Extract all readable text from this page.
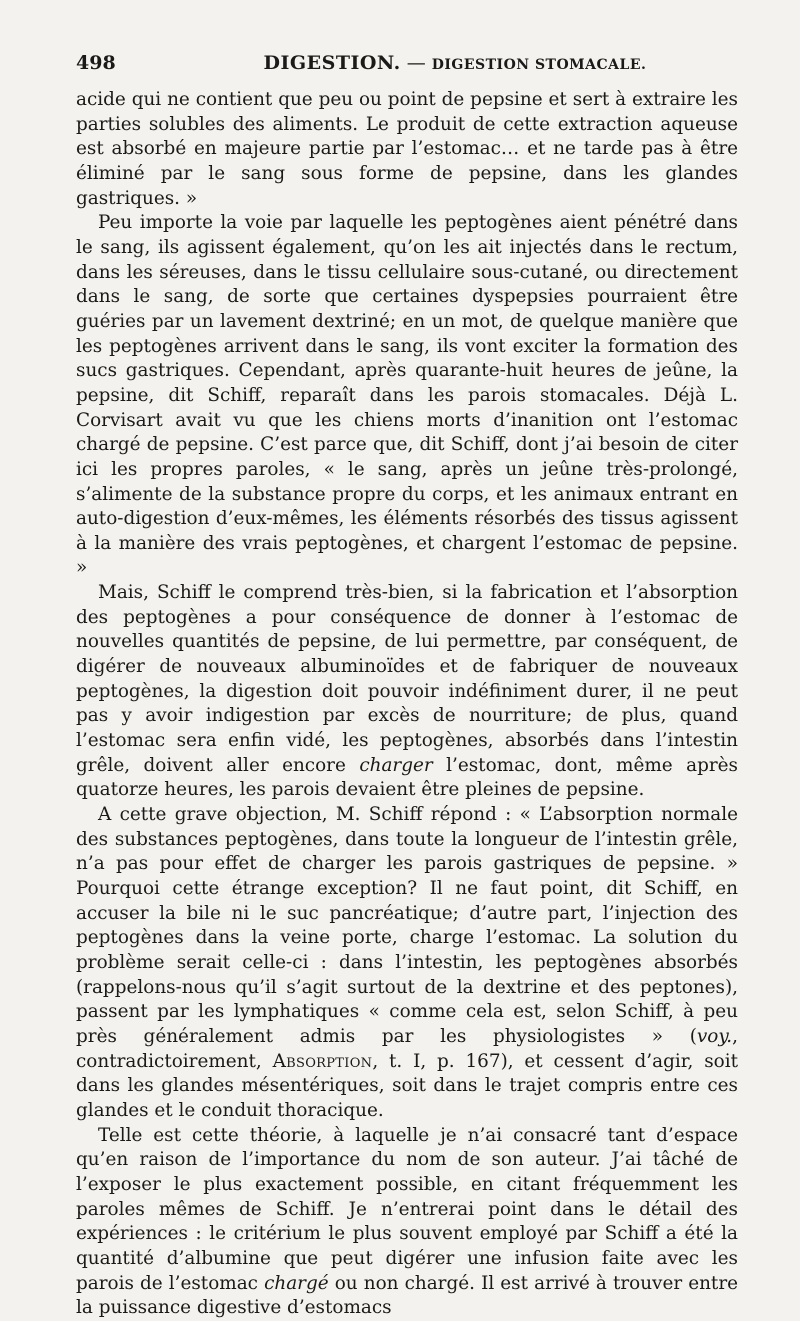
498	DIGESTION. — DIGESTION STOMACALE.

acide qui ne contient que peu ou point de pepsine et sert à extraire les parties solubles des aliments. Le produit de cette extraction aqueuse est absorbé en majeure partie par l’estomac… et ne tarde pas à être éliminé par le sang sous forme de pepsine, dans les glandes gastriques. »

Peu importe la voie par laquelle les peptogènes aient pénétré dans le sang, ils agissent également, qu’on les ait injectés dans le rectum, dans les séreuses, dans le tissu cellulaire sous-cutané, ou directement dans le sang, de sorte que certaines dyspepsies pourraient être guéries par un lavement dextriné; en un mot, de quelque manière que les peptogènes arrivent dans le sang, ils vont exciter la formation des sucs gastriques. Cependant, après quarante-huit heures de jeûne, la pepsine, dit Schiff, reparaît dans les parois stomacales. Déjà L. Corvisart avait vu que les chiens morts d’inanition ont l’estomac chargé de pepsine. C’est parce que, dit Schiff, dont j’ai besoin de citer ici les propres paroles, « le sang, après un jeûne très-prolongé, s’alimente de la substance propre du corps, et les animaux entrant en auto-digestion d’eux-mêmes, les éléments résorbés des tissus agissent à la manière des vrais peptogènes, et chargent l’estomac de pepsine. »

Mais, Schiff le comprend très-bien, si la fabrication et l’absorption des peptogènes a pour conséquence de donner à l’estomac de nouvelles quantités de pepsine, de lui permettre, par conséquent, de digérer de nouveaux albuminoïdes et de fabriquer de nouveaux peptogènes, la digestion doit pouvoir indéfiniment durer, il ne peut pas y avoir indigestion par excès de nourriture; de plus, quand l’estomac sera enfin vidé, les peptogènes, absorbés dans l’intestin grêle, doivent aller encore charger l’estomac, dont, même après quatorze heures, les parois devaient être pleines de pepsine.

A cette grave objection, M. Schiff répond : « L’absorption normale des substances peptogènes, dans toute la longueur de l’intestin grêle, n’a pas pour effet de charger les parois gastriques de pepsine. » Pourquoi cette étrange exception? Il ne faut point, dit Schiff, en accuser la bile ni le suc pancréatique; d’autre part, l’injection des peptogènes dans la veine porte, charge l’estomac. La solution du problème serait celle-ci : dans l’intestin, les peptogènes absorbés (rappelons-nous qu’il s’agit surtout de la dextrine et des peptones), passent par les lymphatiques « comme cela est, selon Schiff, à peu près généralement admis par les physiologistes » (voy., contradictoirement, Absorption, t. I, p. 167), et cessent d’agir, soit dans les glandes mésentériques, soit dans le trajet compris entre ces glandes et le conduit thoracique.

Telle est cette théorie, à laquelle je n’ai consacré tant d’espace qu’en raison de l’importance du nom de son auteur. J’ai tâché de l’exposer le plus exactement possible, en citant fréquemment les paroles mêmes de Schiff. Je n’entrerai point dans le détail des expériences : le critérium le plus souvent employé par Schiff a été la quantité d’albumine que peut digérer une infusion faite avec les parois de l’estomac chargé ou non chargé. Il est arrivé à trouver entre la puissance digestive d’estomacs
